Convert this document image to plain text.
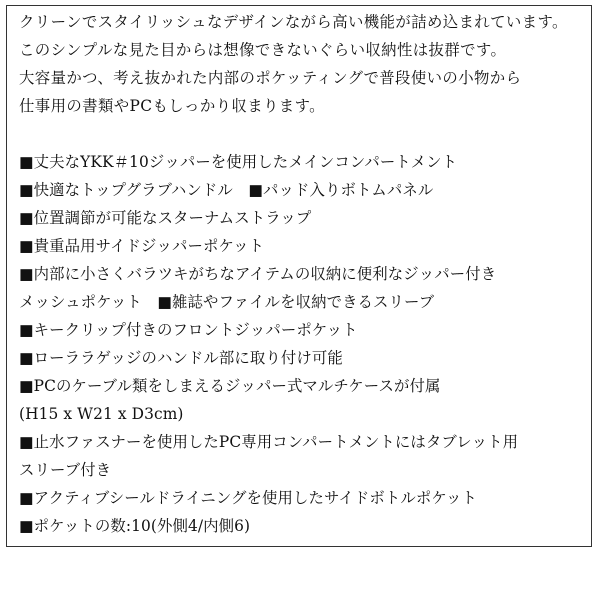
クリーンでスタイリッシュなデザインながら高い機能が詰め込まれています。
このシンプルな見た目からは想像できないぐらい収納性は抜群です。
大容量かつ、考え抜かれた内部のポケッティングで普段使いの小物から
仕事用の書類やPCもしっかり収まります。
■丈夫なYKK＃10ジッパーを使用したメインコンパートメント
■快適なトップグラブハンドル　■パッド入りボトムパネル
■位置調節が可能なスターナムストラップ
■貴重品用サイドジッパーポケット
■内部に小さくバラツキがちなアイテムの収納に便利なジッパー付き
メッシュポケット　■雑誌やファイルを収納できるスリーブ
■キークリップ付きのフロントジッパーポケット
■ローララゲッジのハンドル部に取り付け可能
■PCのケーブル類をしまえるジッパー式マルチケースが付属
(H15 x W21 x D3cm)
■止水ファスナーを使用したPC専用コンパートメントにはタブレット用
スリーブ付き
■アクティブシールドライニングを使用したサイドボトルポケット
■ポケットの数:10(外側4/内側6)
